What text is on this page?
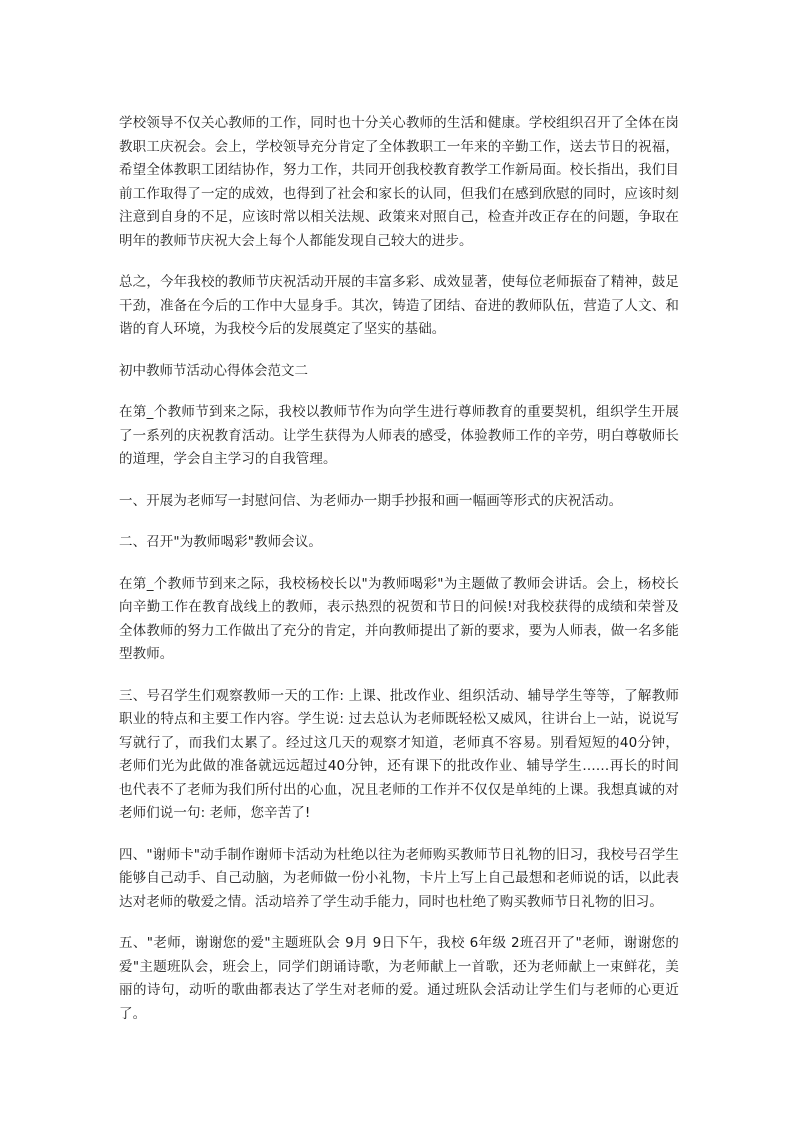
学校领导不仅关心教师的工作，同时也十分关心教师的生活和健康。学校组织召开了全体在岗教职工庆祝会。会上，学校领导充分肯定了全体教职工一年来的辛勤工作，送去节日的祝福，希望全体教职工团结协作，努力工作，共同开创我校教育教学工作新局面。校长指出，我们目前工作取得了一定的成效，也得到了社会和家长的认同，但我们在感到欣慰的同时，应该时刻注意到自身的不足，应该时常以相关法规、政策来对照自己，检查并改正存在的问题，争取在明年的教师节庆祝大会上每个人都能发现自己较大的进步。

总之，今年我校的教师节庆祝活动开展的丰富多彩、成效显著，使每位老师振奋了精神，鼓足干劲，准备在今后的工作中大显身手。其次，铸造了团结、奋进的教师队伍，营造了人文、和谐的育人环境，为我校今后的发展奠定了坚实的基础。

初中教师节活动心得体会范文二

在第_个教师节到来之际，我校以教师节作为向学生进行尊师教育的重要契机，组织学生开展了一系列的庆祝教育活动。让学生获得为人师表的感受，体验教师工作的辛劳，明白尊敬师长的道理，学会自主学习的自我管理。

一、开展为老师写一封慰问信、为老师办一期手抄报和画一幅画等形式的庆祝活动。

二、召开"为教师喝彩"教师会议。

在第_个教师节到来之际，我校杨校长以"为教师喝彩"为主题做了教师会讲话。会上，杨校长向辛勤工作在教育战线上的教师，表示热烈的祝贺和节日的问候!对我校获得的成绩和荣誉及全体教师的努力工作做出了充分的肯定，并向教师提出了新的要求，要为人师表，做一名多能型教师。

三、号召学生们观察教师一天的工作: 上课、批改作业、组织活动、辅导学生等等，了解教师职业的特点和主要工作内容。学生说: 过去总认为老师既轻松又威风，往讲台上一站，说说写写就行了，而我们太累了。经过这几天的观察才知道，老师真不容易。别看短短的40分钟，老师们光为此做的准备就远远超过40分钟，还有课下的批改作业、辅导学生……再长的时间也代表不了老师为我们所付出的心血，况且老师的工作并不仅仅是单纯的上课。我想真诚的对老师们说一句: 老师，您辛苦了!

四、"谢师卡"动手制作谢师卡活动为杜绝以往为老师购买教师节日礼物的旧习，我校号召学生能够自己动手、自己动脑，为老师做一份小礼物，卡片上写上自己最想和老师说的话，以此表达对老师的敬爱之情。活动培养了学生动手能力，同时也杜绝了购买教师节日礼物的旧习。

五、"老师，谢谢您的爱"主题班队会 9月 9日下午，我校 6年级 2班召开了"老师，谢谢您的爱"主题班队会，班会上，同学们朗诵诗歌，为老师献上一首歌，还为老师献上一束鲜花，美丽的诗句，动听的歌曲都表达了学生对老师的爱。通过班队会活动让学生们与老师的心更近了。
